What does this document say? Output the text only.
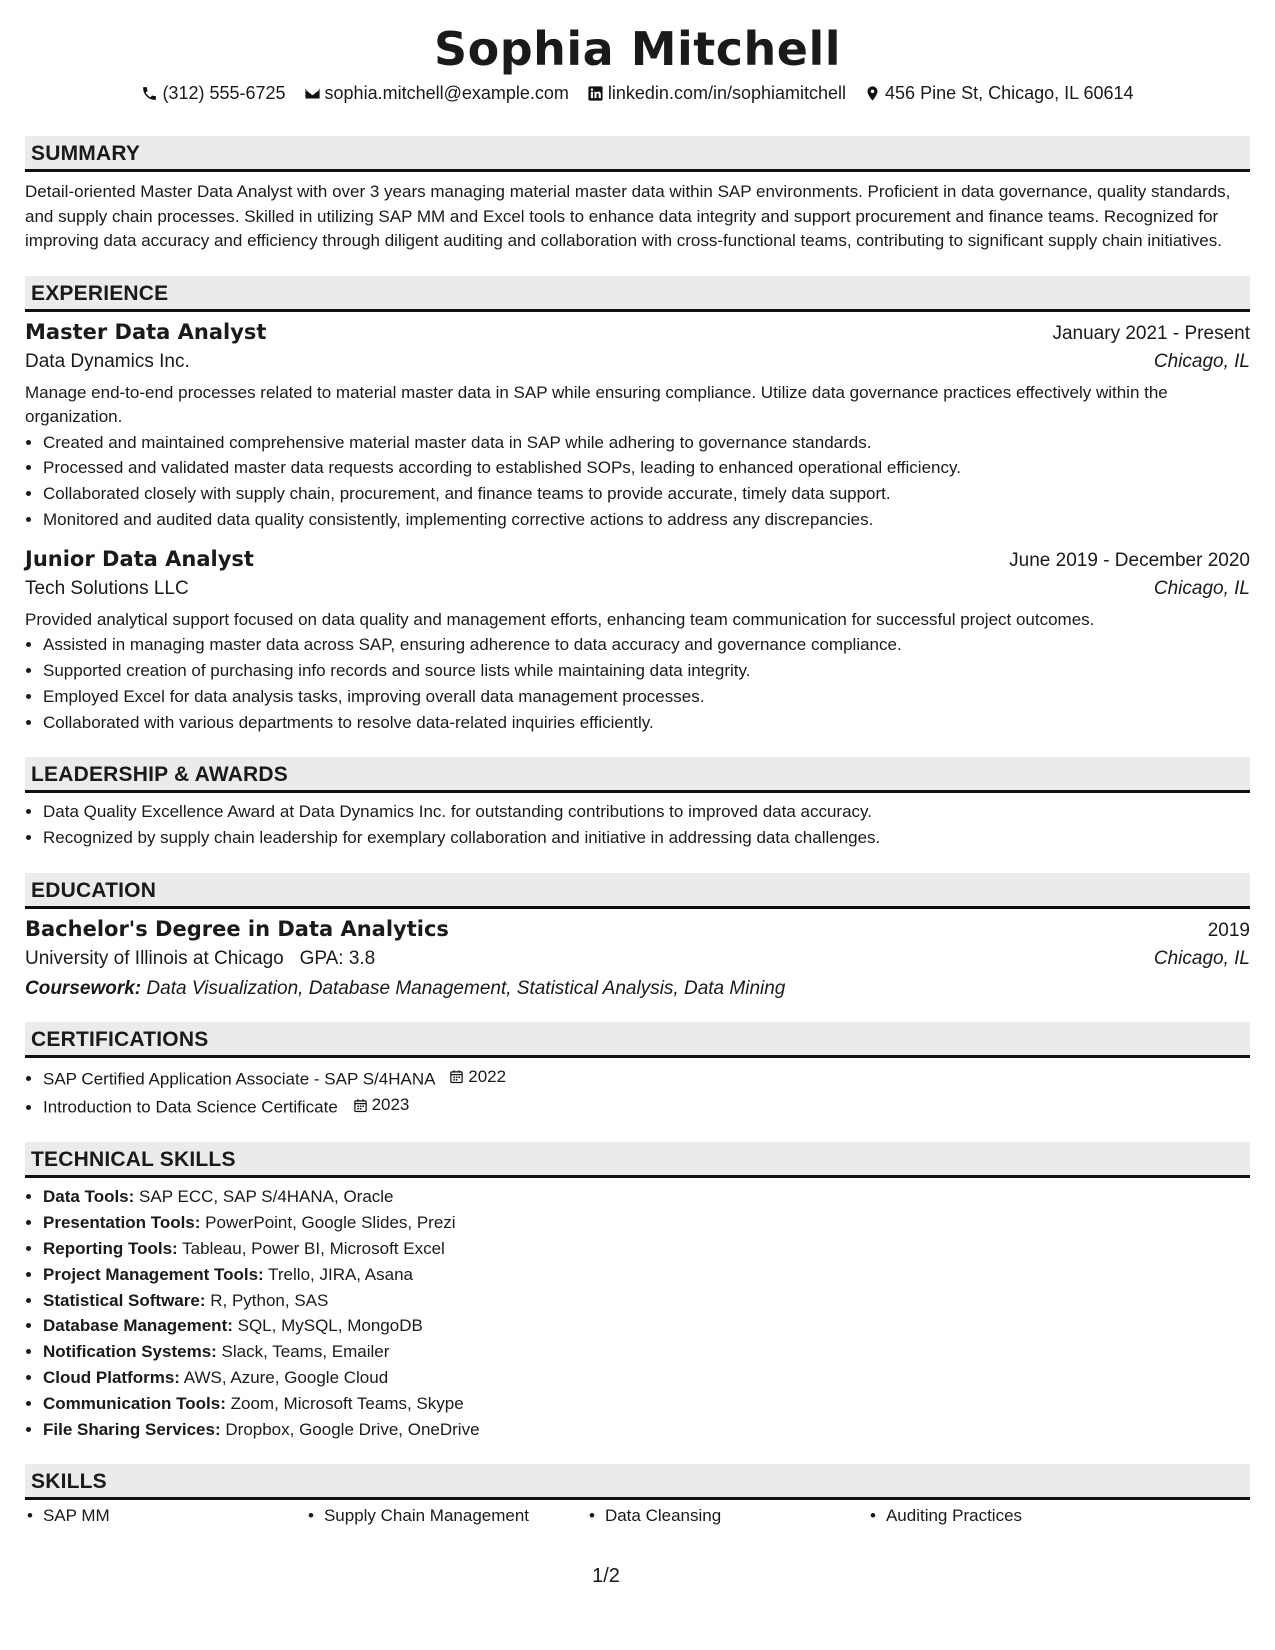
Sophia Mitchell
(312) 555-6725 sophia.mitchell@example.com linkedin.com/in/sophiamitchell 456 Pine St, Chicago, IL 60614
SUMMARY
Detail-oriented Master Data Analyst with over 3 years managing material master data within SAP environments. Proficient in data governance, quality standards, and supply chain processes. Skilled in utilizing SAP MM and Excel tools to enhance data integrity and support procurement and finance teams. Recognized for improving data accuracy and efficiency through diligent auditing and collaboration with cross-functional teams, contributing to significant supply chain initiatives.
EXPERIENCE
Master Data Analyst	January 2021 - Present
Data Dynamics Inc.	Chicago, IL
Manage end-to-end processes related to material master data in SAP while ensuring compliance. Utilize data governance practices effectively within the organization.
• Created and maintained comprehensive material master data in SAP while adhering to governance standards.
• Processed and validated master data requests according to established SOPs, leading to enhanced operational efficiency.
• Collaborated closely with supply chain, procurement, and finance teams to provide accurate, timely data support.
• Monitored and audited data quality consistently, implementing corrective actions to address any discrepancies.
Junior Data Analyst	June 2019 - December 2020
Tech Solutions LLC	Chicago, IL
Provided analytical support focused on data quality and management efforts, enhancing team communication for successful project outcomes.
• Assisted in managing master data across SAP, ensuring adherence to data accuracy and governance compliance.
• Supported creation of purchasing info records and source lists while maintaining data integrity.
• Employed Excel for data analysis tasks, improving overall data management processes.
• Collaborated with various departments to resolve data-related inquiries efficiently.
LEADERSHIP & AWARDS
• Data Quality Excellence Award at Data Dynamics Inc. for outstanding contributions to improved data accuracy.
• Recognized by supply chain leadership for exemplary collaboration and initiative in addressing data challenges.
EDUCATION
Bachelor's Degree in Data Analytics	2019
University of Illinois at Chicago GPA: 3.8	Chicago, IL
Coursework: Data Visualization, Database Management, Statistical Analysis, Data Mining
CERTIFICATIONS
• SAP Certified Application Associate - SAP S/4HANA 2022
• Introduction to Data Science Certificate 2023
TECHNICAL SKILLS
• Data Tools: SAP ECC, SAP S/4HANA, Oracle
• Presentation Tools: PowerPoint, Google Slides, Prezi
• Reporting Tools: Tableau, Power BI, Microsoft Excel
• Project Management Tools: Trello, JIRA, Asana
• Statistical Software: R, Python, SAS
• Database Management: SQL, MySQL, MongoDB
• Notification Systems: Slack, Teams, Emailer
• Cloud Platforms: AWS, Azure, Google Cloud
• Communication Tools: Zoom, Microsoft Teams, Skype
• File Sharing Services: Dropbox, Google Drive, OneDrive
SKILLS
• SAP MM	• Supply Chain Management	• Data Cleansing	• Auditing Practices
1/2
